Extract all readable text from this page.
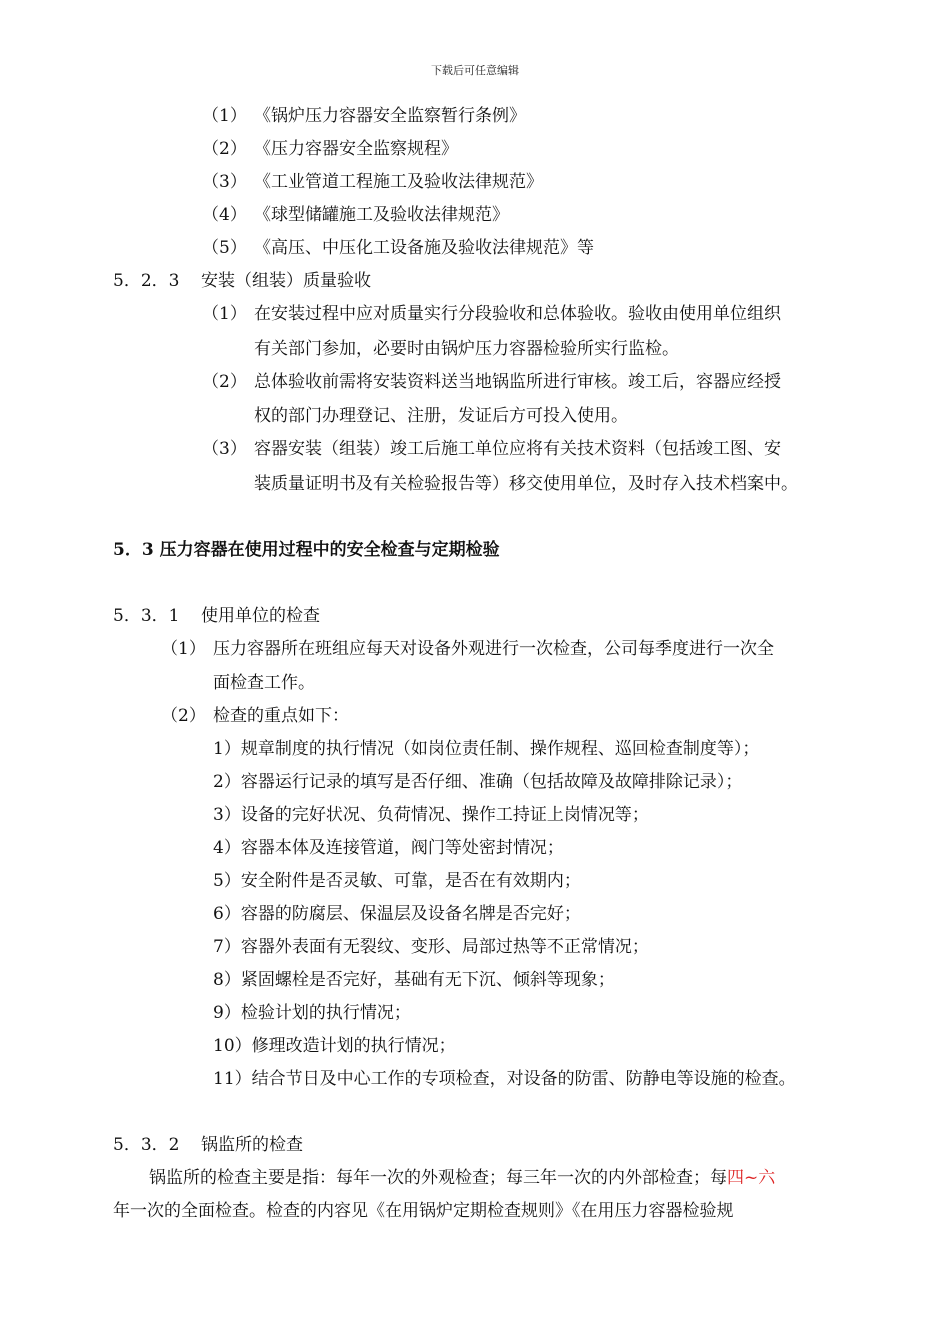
下载后可任意编辑
（1） 《锅炉压力容器安全监察暂行条例》
（2） 《压力容器安全监察规程》
（3） 《工业管道工程施工及验收法律规范》
（4） 《球型储罐施工及验收法律规范》
（5） 《高压、中压化工设备施及验收法律规范》等
5．2．3 安装（组装）质量验收
（1） 在安装过程中应对质量实行分段验收和总体验收。验收由使用单位组织
有关部门参加，必要时由锅炉压力容器检验所实行监检。
（2） 总体验收前需将安装资料送当地锅监所进行审核。竣工后，容器应经授
权的部门办理登记、注册，发证后方可投入使用。
（3） 容器安装（组装）竣工后施工单位应将有关技术资料（包括竣工图、安
装质量证明书及有关检验报告等）移交使用单位，及时存入技术档案中。
5．3 压力容器在使用过程中的安全检查与定期检验
5．3．1 使用单位的检查
（1） 压力容器所在班组应每天对设备外观进行一次检查，公司每季度进行一次全
面检查工作。
（2） 检查的重点如下：
1）规章制度的执行情况（如岗位责任制、操作规程、巡回检查制度等）；
2）容器运行记录的填写是否仔细、准确（包括故障及故障排除记录）；
3）设备的完好状况、负荷情况、操作工持证上岗情况等；
4）容器本体及连接管道，阀门等处密封情况；
5）安全附件是否灵敏、可靠，是否在有效期内；
6）容器的防腐层、保温层及设备名牌是否完好；
7）容器外表面有无裂纹、变形、局部过热等不正常情况；
8）紧固螺栓是否完好，基础有无下沉、倾斜等现象；
9）检验计划的执行情况；
10）修理改造计划的执行情况；
11）结合节日及中心工作的专项检查，对设备的防雷、防静电等设施的检查。
5．3．2 锅监所的检查
锅监所的检查主要是指：每年一次的外观检查；每三年一次的内外部检查；每四~六
年一次的全面检查。检查的内容见《在用锅炉定期检查规则》《在用压力容器检验规
